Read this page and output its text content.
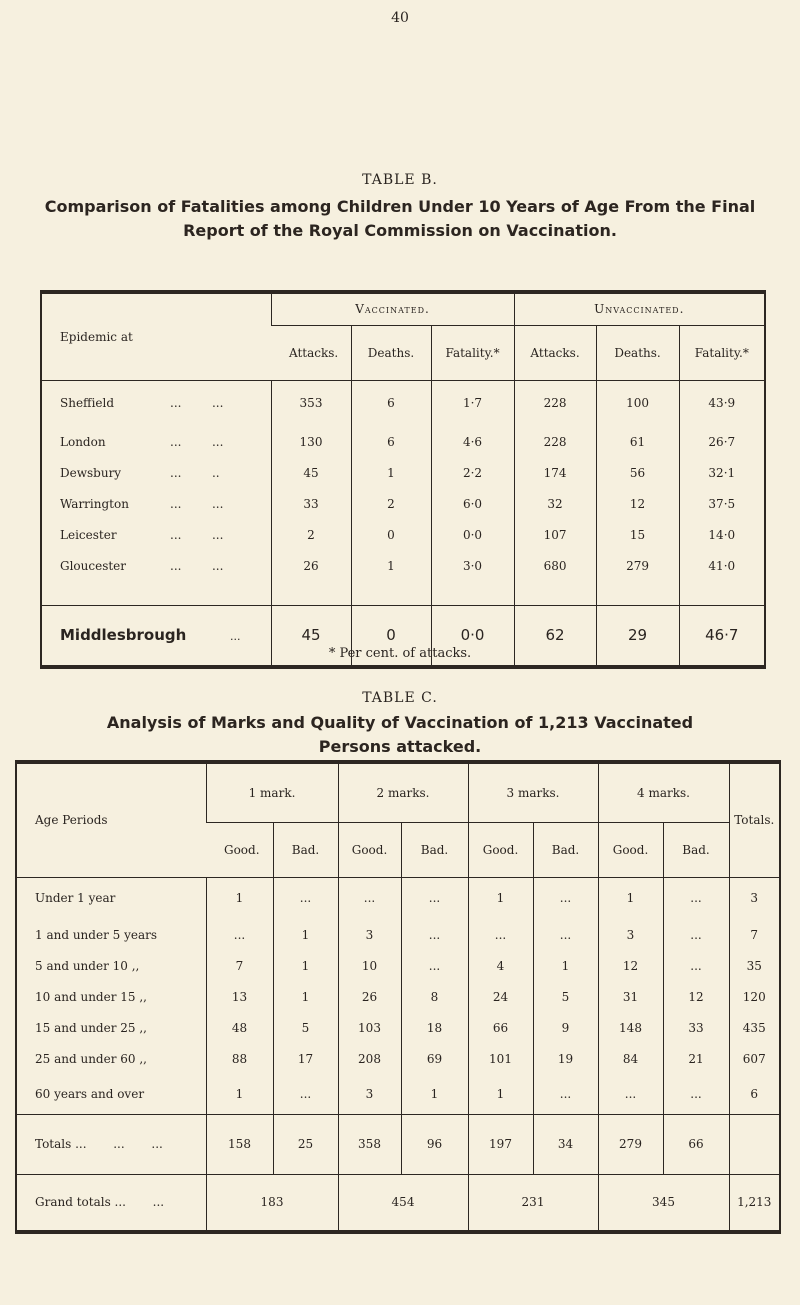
40
TABLE B.
Comparison of Fatalities among Children Under 10 Years of Age From the Final Report of the Royal Commission on Vaccination.
Epidemic at	Vaccinated.			Unvaccinated.		
	Attacks.	Deaths.	Fatality.*	Attacks.	Deaths.	Fatality.*
Sheffield ...        ...	353	6	1·7	228	100	43·9
London ...        ...	130	6	4·6	228	61	26·7
Dewsbury ...        ..	45	1	2·2	174	56	32·1
Warrington ...        ...	33	2	6·0	32	12	37·5
Leicester ...        ...	2	0	0·0	107	15	14·0
Gloucester ...        ...	26	1	3·0	680	279	41·0

Middlesbrough ...	45	0	0·0	62	29	46·7
* Per cent. of attacks.
TABLE C.
Analysis of Marks and Quality of Vaccination of 1,213 Vaccinated Persons attacked.
Age Periods	1 mark.		2 marks.		3 marks.		4 marks.		Totals.
	Good.	Bad.	Good.	Bad.	Good.	Bad.	Good.	Bad.	
Under 1 year	1	...	...	...	1	...	1	...	3
1 and under 5 years	...	1	3	...	...	...	3	...	7
5 and under 10 ,,	7	1	10	...	4	1	12	...	35
10 and under 15 ,,	13	1	26	8	24	5	31	12	120
15 and under 25 ,,	48	5	103	18	66	9	148	33	435
25 and under 60 ,,	88	17	208	69	101	19	84	21	607
60 years and over	1	...	3	1	1	...	...	...	6
Totals ...       ...       ...	158	25	358	96	197	34	279	66	
Grand totals ...       ...	183		454		231		345		1,213
